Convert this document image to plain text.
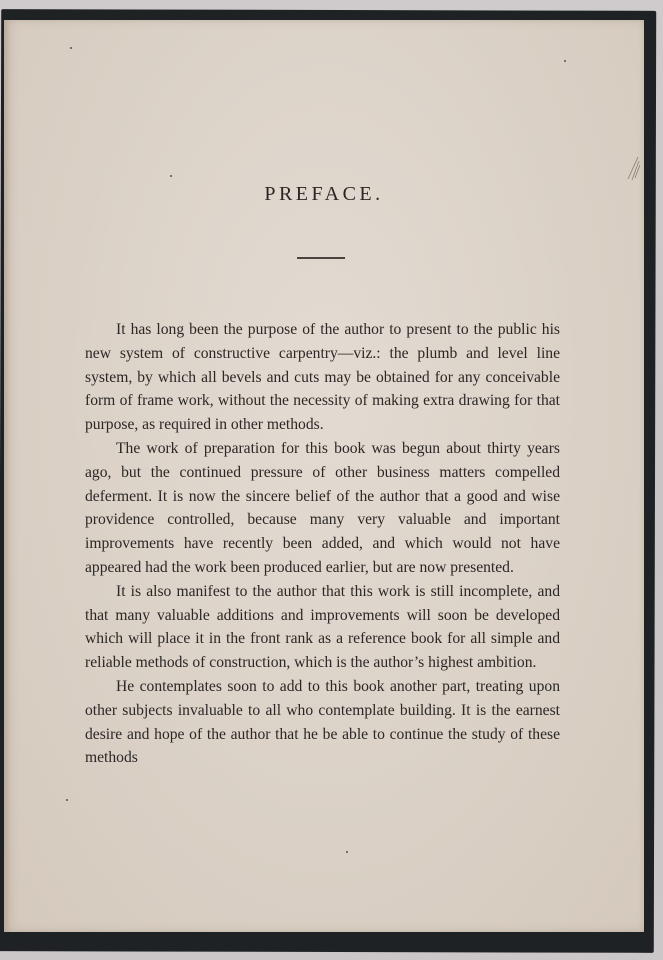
PREFACE.

It has long been the purpose of the author to present to the public his new system of constructive carpentry—viz.: the plumb and level line system, by which all bevels and cuts may be obtained for any conceivable form of frame work, without the necessity of making extra drawing for that purpose, as required in other methods.

The work of preparation for this book was begun about thirty years ago, but the continued pressure of other business matters compelled deferment. It is now the sincere belief of the author that a good and wise providence controlled, because many very valuable and important improvements have recently been added, and which would not have appeared had the work been produced earlier, but are now presented.

It is also manifest to the author that this work is still incomplete, and that many valuable additions and improvements will soon be developed which will place it in the front rank as a reference book for all simple and reliable methods of construction, which is the author’s highest ambition.

He contemplates soon to add to this book another part, treating upon other subjects invaluable to all who contemplate building. It is the earnest desire and hope of the author that he be able to continue the study of these methods
